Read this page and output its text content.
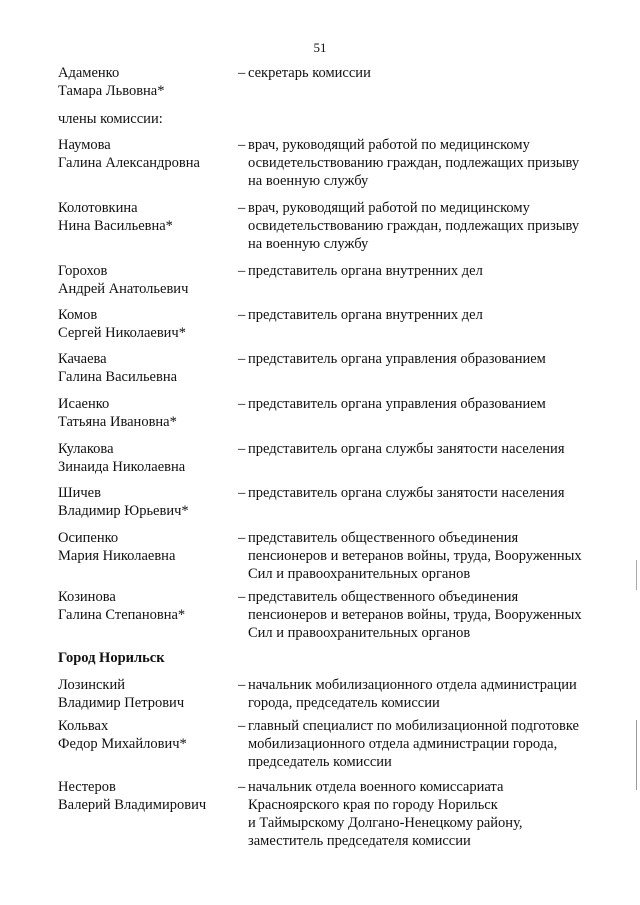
51
Адаменко
Тамара Львовна*
– секретарь комиссии
члены комиссии:
Наумова
Галина Александровна
– врач, руководящий работой по медицинскому
освидетельствованию граждан, подлежащих призыву
на военную службу
Колотовкина
Нина Васильевна*
– врач, руководящий работой по медицинскому
освидетельствованию граждан, подлежащих призыву
на военную службу
Горохов
Андрей Анатольевич
– представитель органа внутренних дел
Комов
Сергей Николаевич*
– представитель органа внутренних дел
Качаева
Галина Васильевна
– представитель органа управления образованием
Исаенко
Татьяна Ивановна*
– представитель органа управления образованием
Кулакова
Зинаида Николаевна
– представитель органа службы занятости населения
Шичев
Владимир Юрьевич*
– представитель органа службы занятости населения
Осипенко
Мария Николаевна
– представитель общественного объединения
пенсионеров и ветеранов войны, труда, Вооруженных
Сил и правоохранительных органов
Козинова
Галина Степановна*
– представитель общественного объединения
пенсионеров и ветеранов войны, труда, Вооруженных
Сил и правоохранительных органов
Город Норильск
Лозинский
Владимир Петрович
– начальник мобилизационного отдела администрации
города, председатель комиссии
Кольвах
Федор Михайлович*
– главный специалист по мобилизационной подготовке
мобилизационного отдела администрации города,
председатель комиссии
Нестеров
Валерий Владимирович
– начальник отдела военного комиссариата
Красноярского края по городу Норильск
и Таймырскому Долгано-Ненецкому району,
заместитель председателя комиссии
